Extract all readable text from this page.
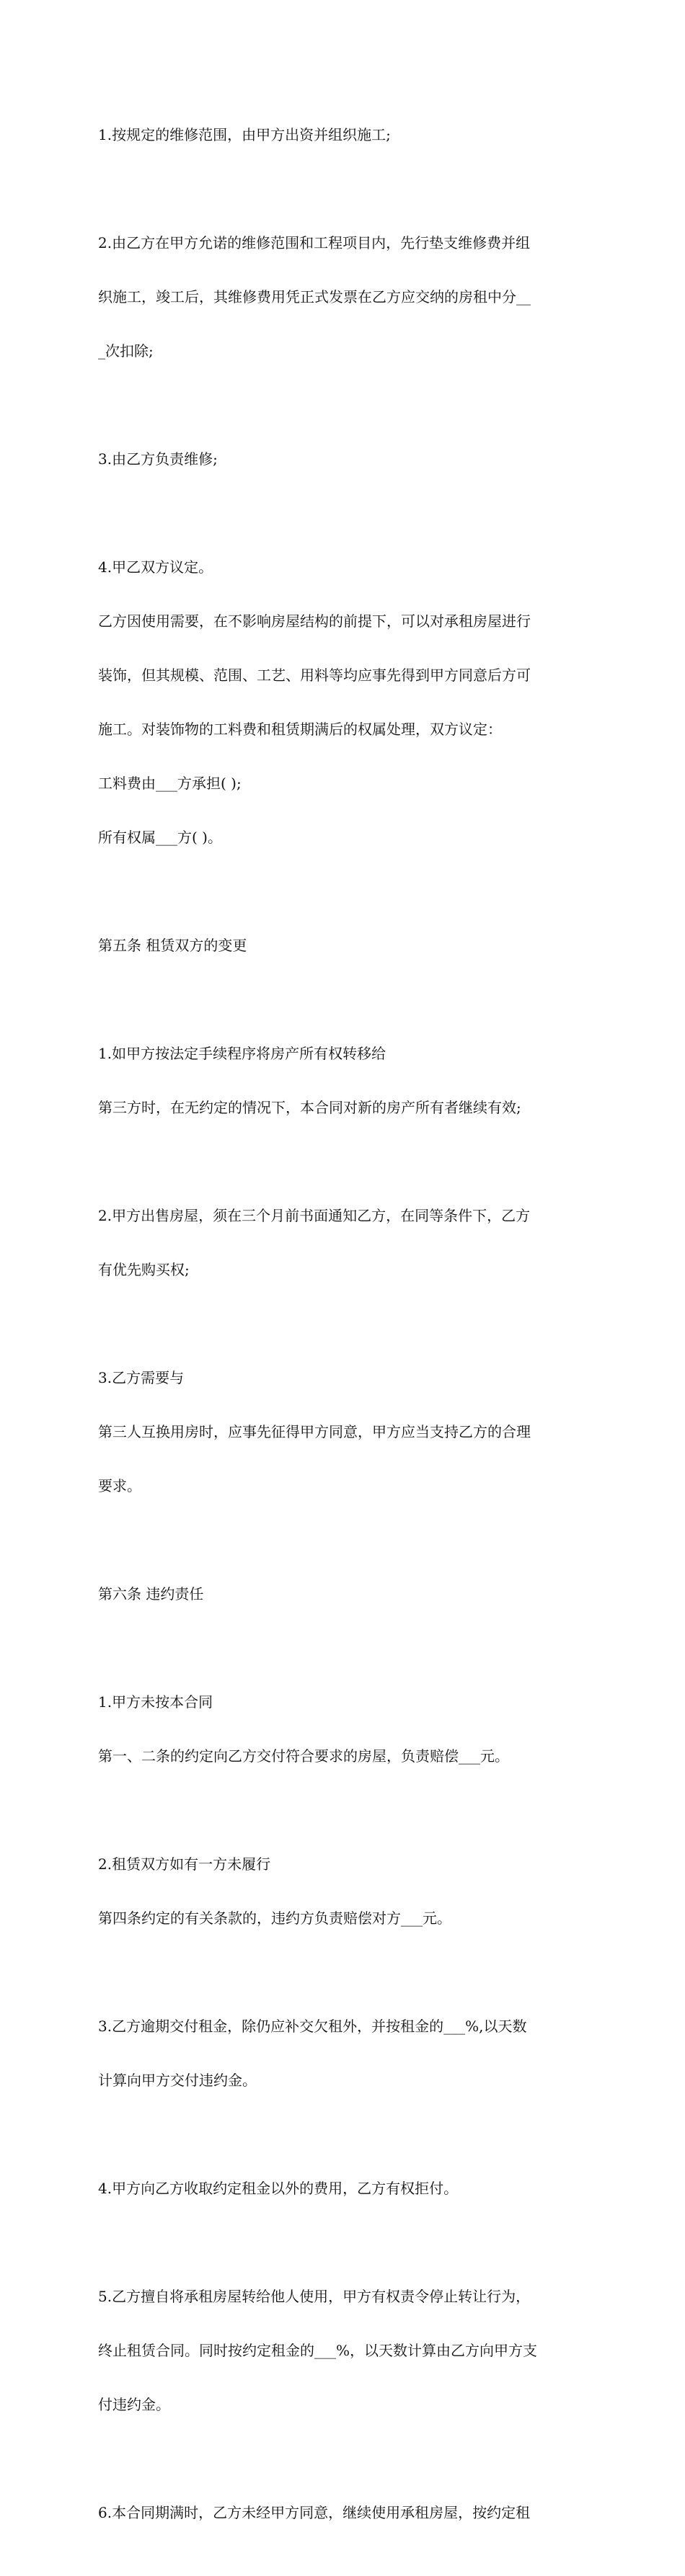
1.按规定的维修范围，由甲方出资并组织施工;

2.由乙方在甲方允诺的维修范围和工程项目内，先行垫支维修费并组

织施工，竣工后，其维修费用凭正式发票在乙方应交纳的房租中分__

_次扣除;

3.由乙方负责维修;

4.甲乙双方议定。

乙方因使用需要，在不影响房屋结构的前提下，可以对承租房屋进行

装饰，但其规模、范围、工艺、用料等均应事先得到甲方同意后方可

施工。对装饰物的工料费和租赁期满后的权属处理，双方议定：

工料费由___方承担( );

所有权属___方( )。

第五条 租赁双方的变更

1.如甲方按法定手续程序将房产所有权转移给

第三方时，在无约定的情况下，本合同对新的房产所有者继续有效;

2.甲方出售房屋，须在三个月前书面通知乙方，在同等条件下，乙方

有优先购买权;

3.乙方需要与

第三人互换用房时，应事先征得甲方同意，甲方应当支持乙方的合理

要求。

第六条 违约责任

1.甲方未按本合同

第一、二条的约定向乙方交付符合要求的房屋，负责赔偿___元。

2.租赁双方如有一方未履行

第四条约定的有关条款的，违约方负责赔偿对方___元。

3.乙方逾期交付租金，除仍应补交欠租外，并按租金的___%,以天数

计算向甲方交付违约金。

4.甲方向乙方收取约定租金以外的费用，乙方有权拒付。

5.乙方擅自将承租房屋转给他人使用，甲方有权责令停止转让行为，

终止租赁合同。同时按约定租金的___%，以天数计算由乙方向甲方支

付违约金。

6.本合同期满时，乙方未经甲方同意，继续使用承租房屋，按约定租
